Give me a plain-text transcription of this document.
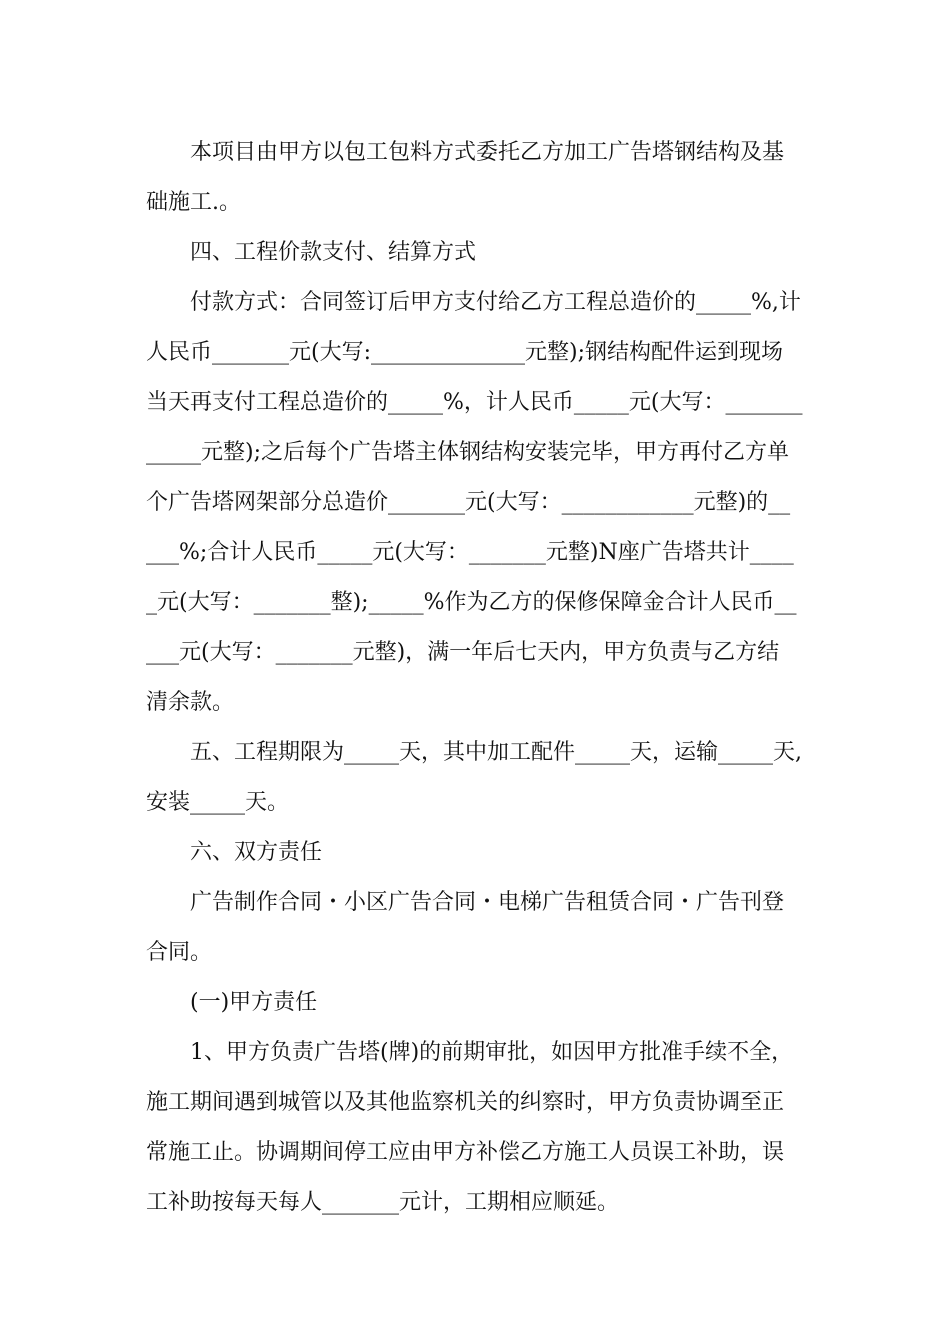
本项目由甲方以包工包料方式委托乙方加工广告塔钢结构及基
础施工.。
四、工程价款支付、结算方式
付款方式：合同签订后甲方支付给乙方工程总造价的_____%,计
人民币_______元(大写:______________元整);钢结构配件运到现场
当天再支付工程总造价的_____%，计人民币_____元(大写：_______
_____元整);之后每个广告塔主体钢结构安装完毕，甲方再付乙方单
个广告塔网架部分总造价_______元(大写：____________元整)的__
___%;合计人民币_____元(大写：_______元整)N座广告塔共计____
_元(大写：_______整);_____%作为乙方的保修保障金合计人民币__
___元(大写：_______元整)，满一年后七天内，甲方负责与乙方结
清余款。
五、工程期限为_____天，其中加工配件_____天，运输_____天,
安装_____天。
六、双方责任
广告制作合同・小区广告合同・电梯广告租赁合同・广告刊登
合同。
(一)甲方责任
1、甲方负责广告塔(牌)的前期审批，如因甲方批准手续不全，
施工期间遇到城管以及其他监察机关的纠察时，甲方负责协调至正
常施工止。协调期间停工应由甲方补偿乙方施工人员误工补助，误
工补助按每天每人_______元计，工期相应顺延。
